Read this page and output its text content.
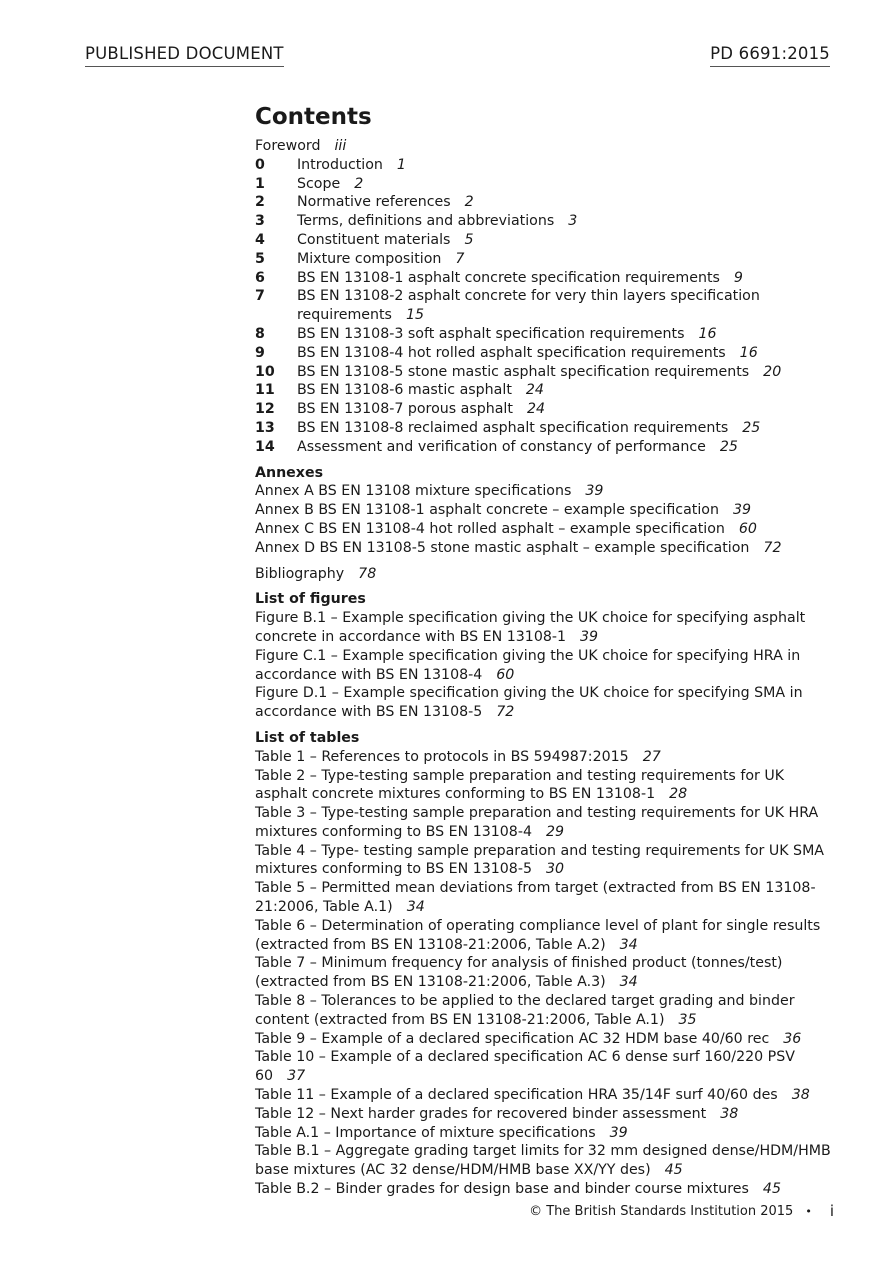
PUBLISHED DOCUMENT	PD 6691:2015
Contents
Foreword iii
0	Introduction 1
1	Scope 2
2	Normative references 2
3	Terms, definitions and abbreviations 3
4	Constituent materials 5
5	Mixture composition 7
6	BS EN 13108-1 asphalt concrete specification requirements 9
7	BS EN 13108-2 asphalt concrete for very thin layers specification requirements 15
8	BS EN 13108-3 soft asphalt specification requirements 16
9	BS EN 13108-4 hot rolled asphalt specification requirements 16
10	BS EN 13108-5 stone mastic asphalt specification requirements 20
11	BS EN 13108-6 mastic asphalt 24
12	BS EN 13108-7 porous asphalt 24
13	BS EN 13108-8 reclaimed asphalt specification requirements 25
14	Assessment and verification of constancy of performance 25
Annexes
Annex A BS EN 13108 mixture specifications 39
Annex B BS EN 13108-1 asphalt concrete – example specification 39
Annex C BS EN 13108-4 hot rolled asphalt – example specification 60
Annex D BS EN 13108-5 stone mastic asphalt – example specification 72
Bibliography 78
List of figures
Figure B.1 – Example specification giving the UK choice for specifying asphalt concrete in accordance with BS EN 13108-1 39
Figure C.1 – Example specification giving the UK choice for specifying HRA in accordance with BS EN 13108-4 60
Figure D.1 – Example specification giving the UK choice for specifying SMA in accordance with BS EN 13108-5 72
List of tables
Table 1 – References to protocols in BS 594987:2015 27
Table 2 – Type-testing sample preparation and testing requirements for UK asphalt concrete mixtures conforming to BS EN 13108-1 28
Table 3 – Type-testing sample preparation and testing requirements for UK HRA mixtures conforming to BS EN 13108-4 29
Table 4 – Type- testing sample preparation and testing requirements for UK SMA mixtures conforming to BS EN 13108-5 30
Table 5 – Permitted mean deviations from target (extracted from BS EN 13108-21:2006, Table A.1) 34
Table 6 – Determination of operating compliance level of plant for single results (extracted from BS EN 13108-21:2006, Table A.2) 34
Table 7 – Minimum frequency for analysis of finished product (tonnes/test) (extracted from BS EN 13108-21:2006, Table A.3) 34
Table 8 – Tolerances to be applied to the declared target grading and binder content (extracted from BS EN 13108-21:2006, Table A.1) 35
Table 9 – Example of a declared specification AC 32 HDM base 40/60 rec 36
Table 10 – Example of a declared specification AC 6 dense surf 160/220 PSV 60 37
Table 11 – Example of a declared specification HRA 35/14F surf 40/60 des 38
Table 12 – Next harder grades for recovered binder assessment 38
Table A.1 – Importance of mixture specifications 39
Table B.1 – Aggregate grading target limits for 32 mm designed dense/HDM/HMB base mixtures (AC 32 dense/HDM/HMB base XX/YY des) 45
Table B.2 – Binder grades for design base and binder course mixtures 45
© The British Standards Institution 2015 • i
